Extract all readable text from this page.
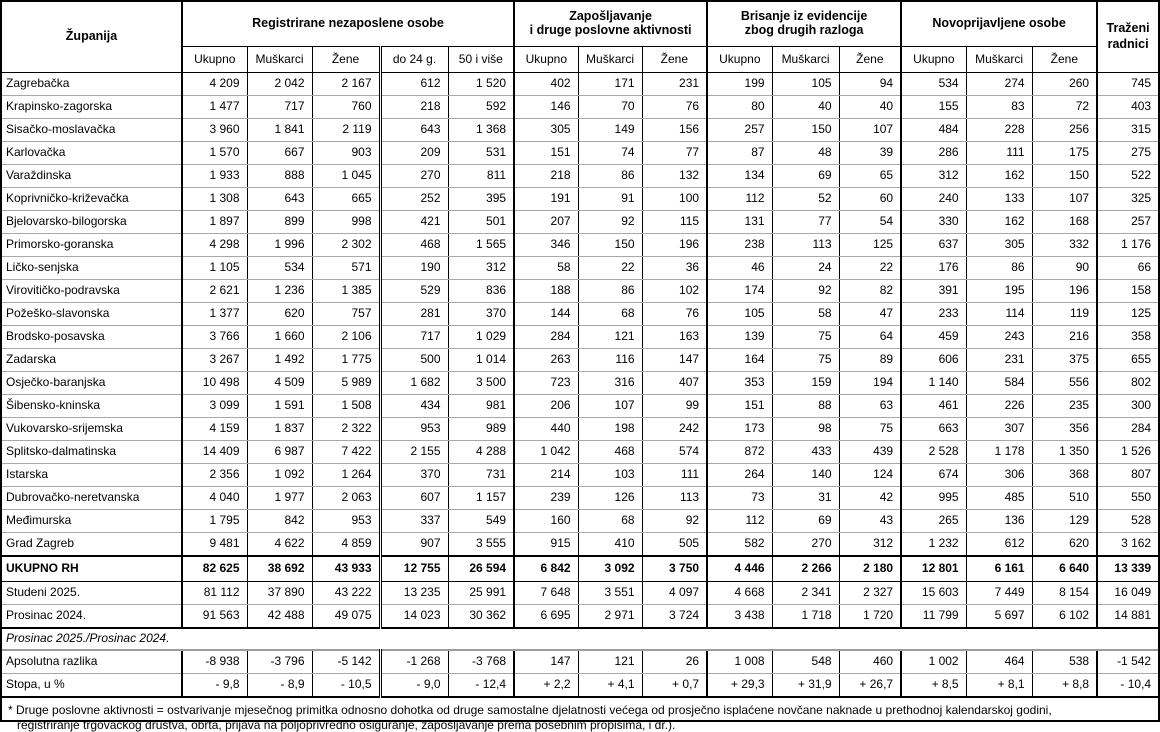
Županija	Registrirane nezaposlene osobe					Zapošljavanje
i druge poslovne aktivnosti			Brisanje iz evidencije
zbog drugih razloga			Novoprijavljene osobe			Traženi radnici
	Ukupno	Muškarci	Žene	do 24 g.	50 i više	Ukupno	Muškarci	Žene	Ukupno	Muškarci	Žene	Ukupno	Muškarci	Žene	
Zagrebačka	4 209	2 042	2 167	612	1 520	402	171	231	199	105	94	534	274	260	745
Krapinsko-zagorska	1 477	717	760	218	592	146	70	76	80	40	40	155	83	72	403
Sisačko-moslavačka	3 960	1 841	2 119	643	1 368	305	149	156	257	150	107	484	228	256	315
Karlovačka	1 570	667	903	209	531	151	74	77	87	48	39	286	111	175	275
Varaždinska	1 933	888	1 045	270	811	218	86	132	134	69	65	312	162	150	522
Koprivničko-križevačka	1 308	643	665	252	395	191	91	100	112	52	60	240	133	107	325
Bjelovarsko-bilogorska	1 897	899	998	421	501	207	92	115	131	77	54	330	162	168	257
Primorsko-goranska	4 298	1 996	2 302	468	1 565	346	150	196	238	113	125	637	305	332	1 176
Ličko-senjska	1 105	534	571	190	312	58	22	36	46	24	22	176	86	90	66
Virovitičko-podravska	2 621	1 236	1 385	529	836	188	86	102	174	92	82	391	195	196	158
Požeško-slavonska	1 377	620	757	281	370	144	68	76	105	58	47	233	114	119	125
Brodsko-posavska	3 766	1 660	2 106	717	1 029	284	121	163	139	75	64	459	243	216	358
Zadarska	3 267	1 492	1 775	500	1 014	263	116	147	164	75	89	606	231	375	655
Osječko-baranjska	10 498	4 509	5 989	1 682	3 500	723	316	407	353	159	194	1 140	584	556	802
Šibensko-kninska	3 099	1 591	1 508	434	981	206	107	99	151	88	63	461	226	235	300
Vukovarsko-srijemska	4 159	1 837	2 322	953	989	440	198	242	173	98	75	663	307	356	284
Splitsko-dalmatinska	14 409	6 987	7 422	2 155	4 288	1 042	468	574	872	433	439	2 528	1 178	1 350	1 526
Istarska	2 356	1 092	1 264	370	731	214	103	111	264	140	124	674	306	368	807
Dubrovačko-neretvanska	4 040	1 977	2 063	607	1 157	239	126	113	73	31	42	995	485	510	550
Međimurska	1 795	842	953	337	549	160	68	92	112	69	43	265	136	129	528
Grad Zagreb	9 481	4 622	4 859	907	3 555	915	410	505	582	270	312	1 232	612	620	3 162
UKUPNO RH	82 625	38 692	43 933	12 755	26 594	6 842	3 092	3 750	4 446	2 266	2 180	12 801	6 161	6 640	13 339
Studeni 2025.	81 112	37 890	43 222	13 235	25 991	7 648	3 551	4 097	4 668	2 341	2 327	15 603	7 449	8 154	16 049
Prosinac 2024.	91 563	42 488	49 075	14 023	30 362	6 695	2 971	3 724	3 438	1 718	1 720	11 799	5 697	6 102	14 881
Prosinac 2025./Prosinac 2024.															
Apsolutna razlika	-8 938	-3 796	-5 142	-1 268	-3 768	147	121	26	1 008	548	460	1 002	464	538	-1 542
Stopa, u %	- 9,8	- 8,9	- 10,5	- 9,0	- 12,4	+ 2,2	+ 4,1	+ 0,7	+ 29,3	+ 31,9	+ 26,7	+ 8,5	+ 8,1	+ 8,8	- 10,4
* Druge poslovne aktivnosti = ostvarivanje mjesečnog primitka odnosno dohotka od druge samostalne djelatnosti većega od prosječno isplaćene novčane naknade u prethodnoj kalendarskoj godini,
registriranje trgovačkog društva, obrta, prijava na poljoprivredno osiguranje, zapošljavanje prema posebnim propisima, i dr.).
